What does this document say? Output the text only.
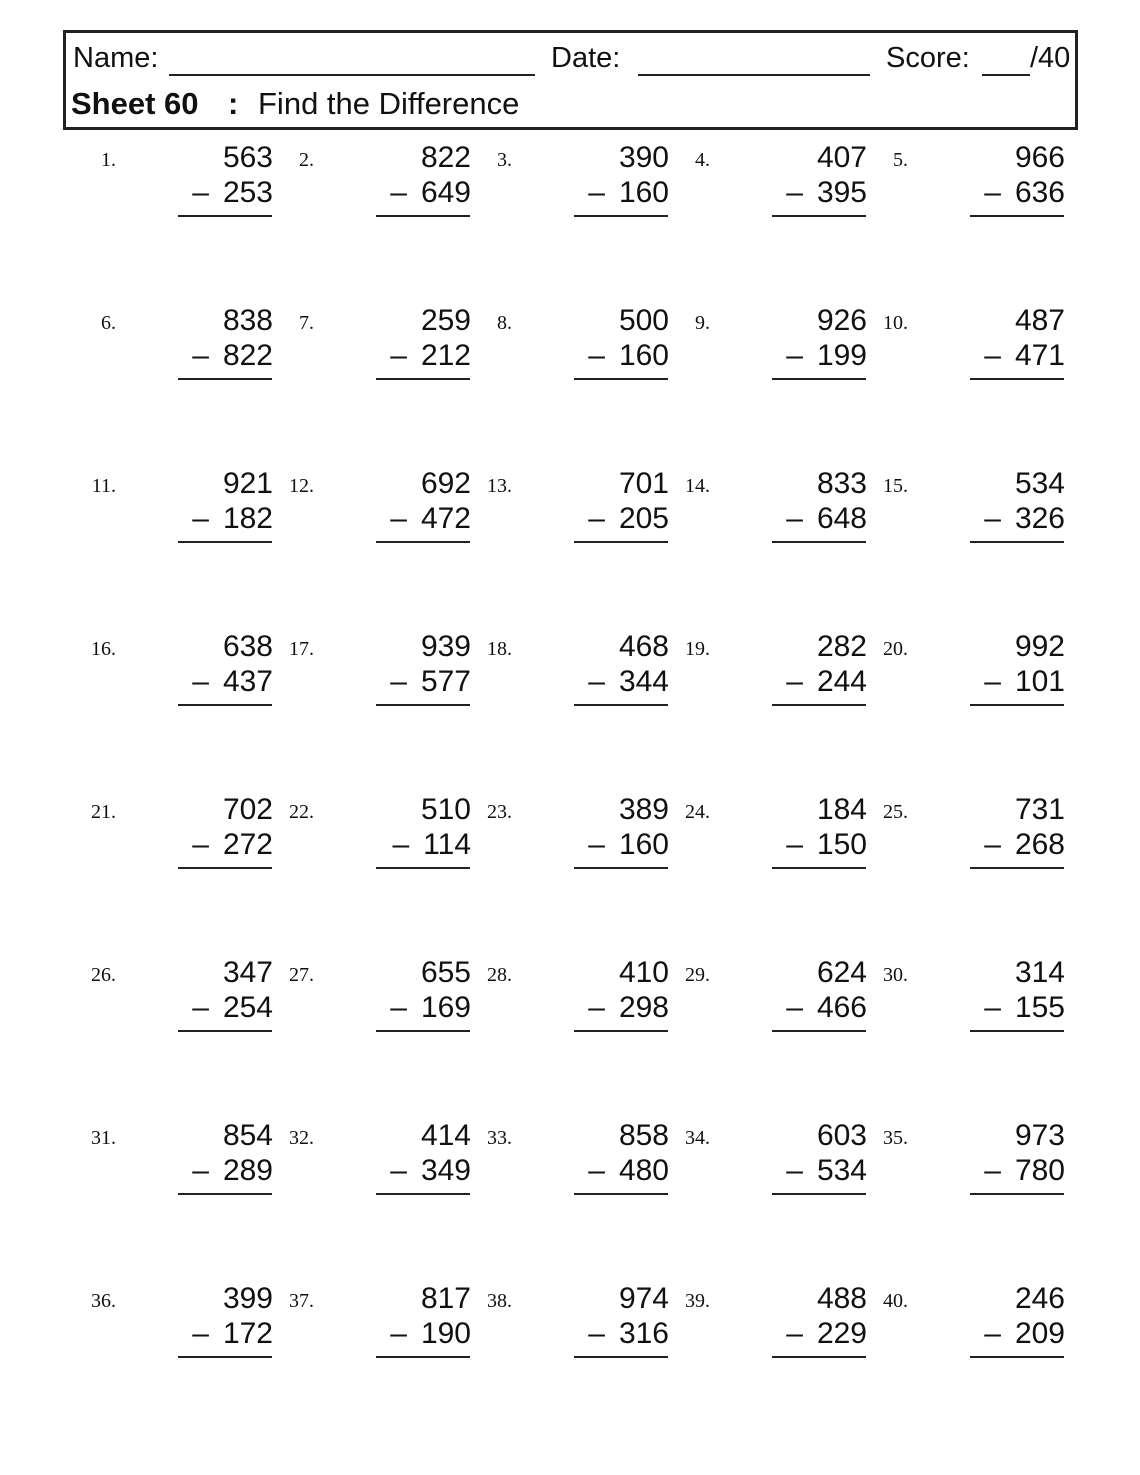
Name:	Date:	Score: /40
Sheet 60 : Find the Difference
1.	563
– 253
2.	822
– 649
3.	390
– 160
4.	407
– 395
5.	966
– 636
6.	838
– 822
7.	259
– 212
8.	500
– 160
9.	926
– 199
10.	487
– 471
11.	921
– 182
12.	692
– 472
13.	701
– 205
14.	833
– 648
15.	534
– 326
16.	638
– 437
17.	939
– 577
18.	468
– 344
19.	282
– 244
20.	992
– 101
21.	702
– 272
22.	510
– 114
23.	389
– 160
24.	184
– 150
25.	731
– 268
26.	347
– 254
27.	655
– 169
28.	410
– 298
29.	624
– 466
30.	314
– 155
31.	854
– 289
32.	414
– 349
33.	858
– 480
34.	603
– 534
35.	973
– 780
36.	399
– 172
37.	817
– 190
38.	974
– 316
39.	488
– 229
40.	246
– 209
